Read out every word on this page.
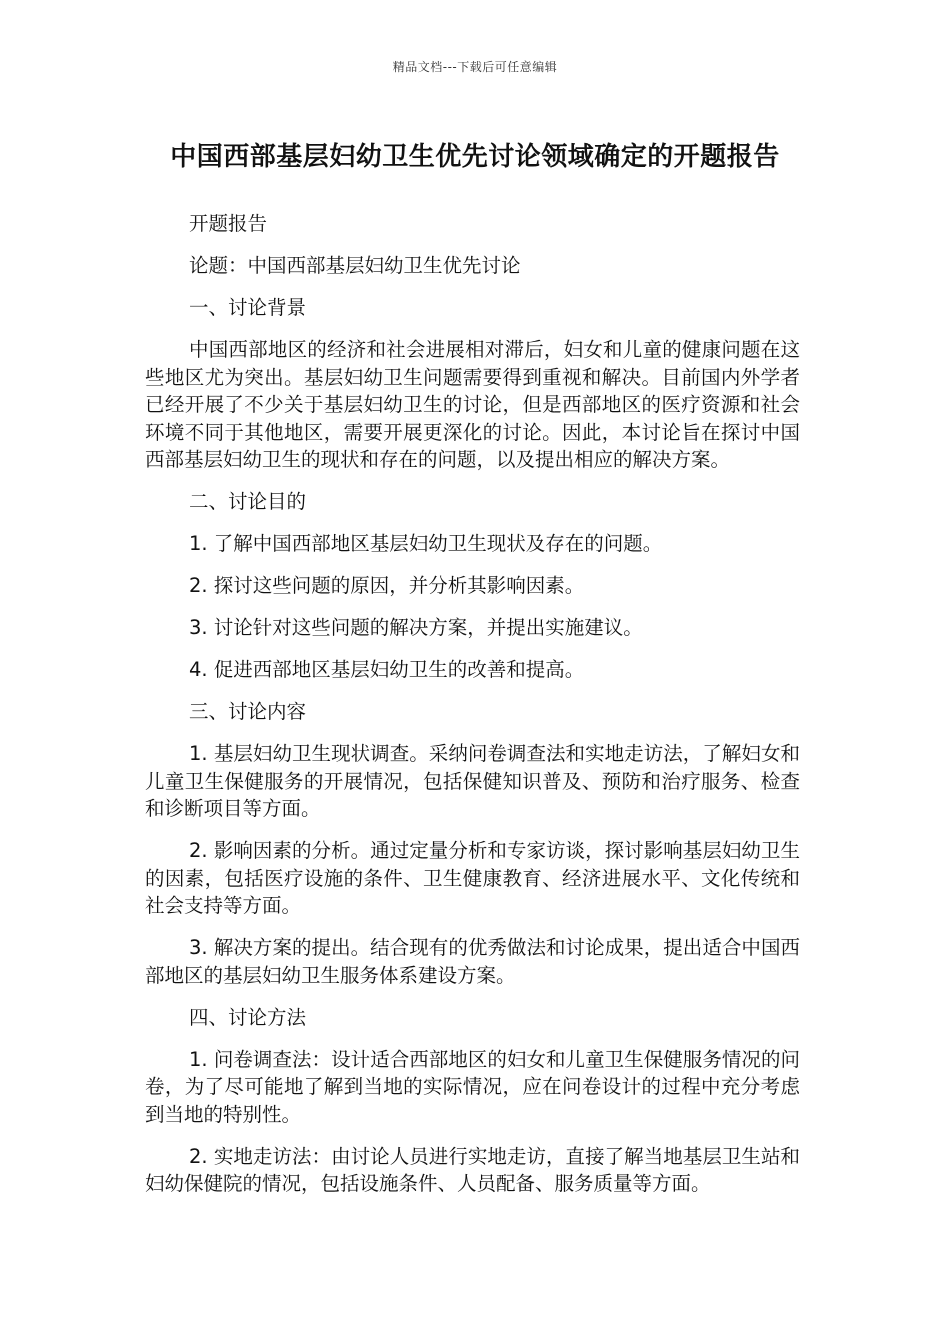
精品文档---下载后可任意编辑
中国西部基层妇幼卫生优先讨论领域确定的开题报告

开题报告

论题：中国西部基层妇幼卫生优先讨论

一、讨论背景

中国西部地区的经济和社会进展相对滞后，妇女和儿童的健康问题在这些地区尤为突出。基层妇幼卫生问题需要得到重视和解决。目前国内外学者已经开展了不少关于基层妇幼卫生的讨论，但是西部地区的医疗资源和社会环境不同于其他地区，需要开展更深化的讨论。因此，本讨论旨在探讨中国西部基层妇幼卫生的现状和存在的问题，以及提出相应的解决方案。

二、讨论目的

1. 了解中国西部地区基层妇幼卫生现状及存在的问题。

2. 探讨这些问题的原因，并分析其影响因素。

3. 讨论针对这些问题的解决方案，并提出实施建议。

4. 促进西部地区基层妇幼卫生的改善和提高。

三、讨论内容

1. 基层妇幼卫生现状调查。采纳问卷调查法和实地走访法，了解妇女和儿童卫生保健服务的开展情况，包括保健知识普及、预防和治疗服务、检查和诊断项目等方面。

2. 影响因素的分析。通过定量分析和专家访谈，探讨影响基层妇幼卫生的因素，包括医疗设施的条件、卫生健康教育、经济进展水平、文化传统和社会支持等方面。

3. 解决方案的提出。结合现有的优秀做法和讨论成果，提出适合中国西部地区的基层妇幼卫生服务体系建设方案。

四、讨论方法

1. 问卷调查法：设计适合西部地区的妇女和儿童卫生保健服务情况的问卷，为了尽可能地了解到当地的实际情况，应在问卷设计的过程中充分考虑到当地的特别性。

2. 实地走访法：由讨论人员进行实地走访，直接了解当地基层卫生站和妇幼保健院的情况，包括设施条件、人员配备、服务质量等方面。
